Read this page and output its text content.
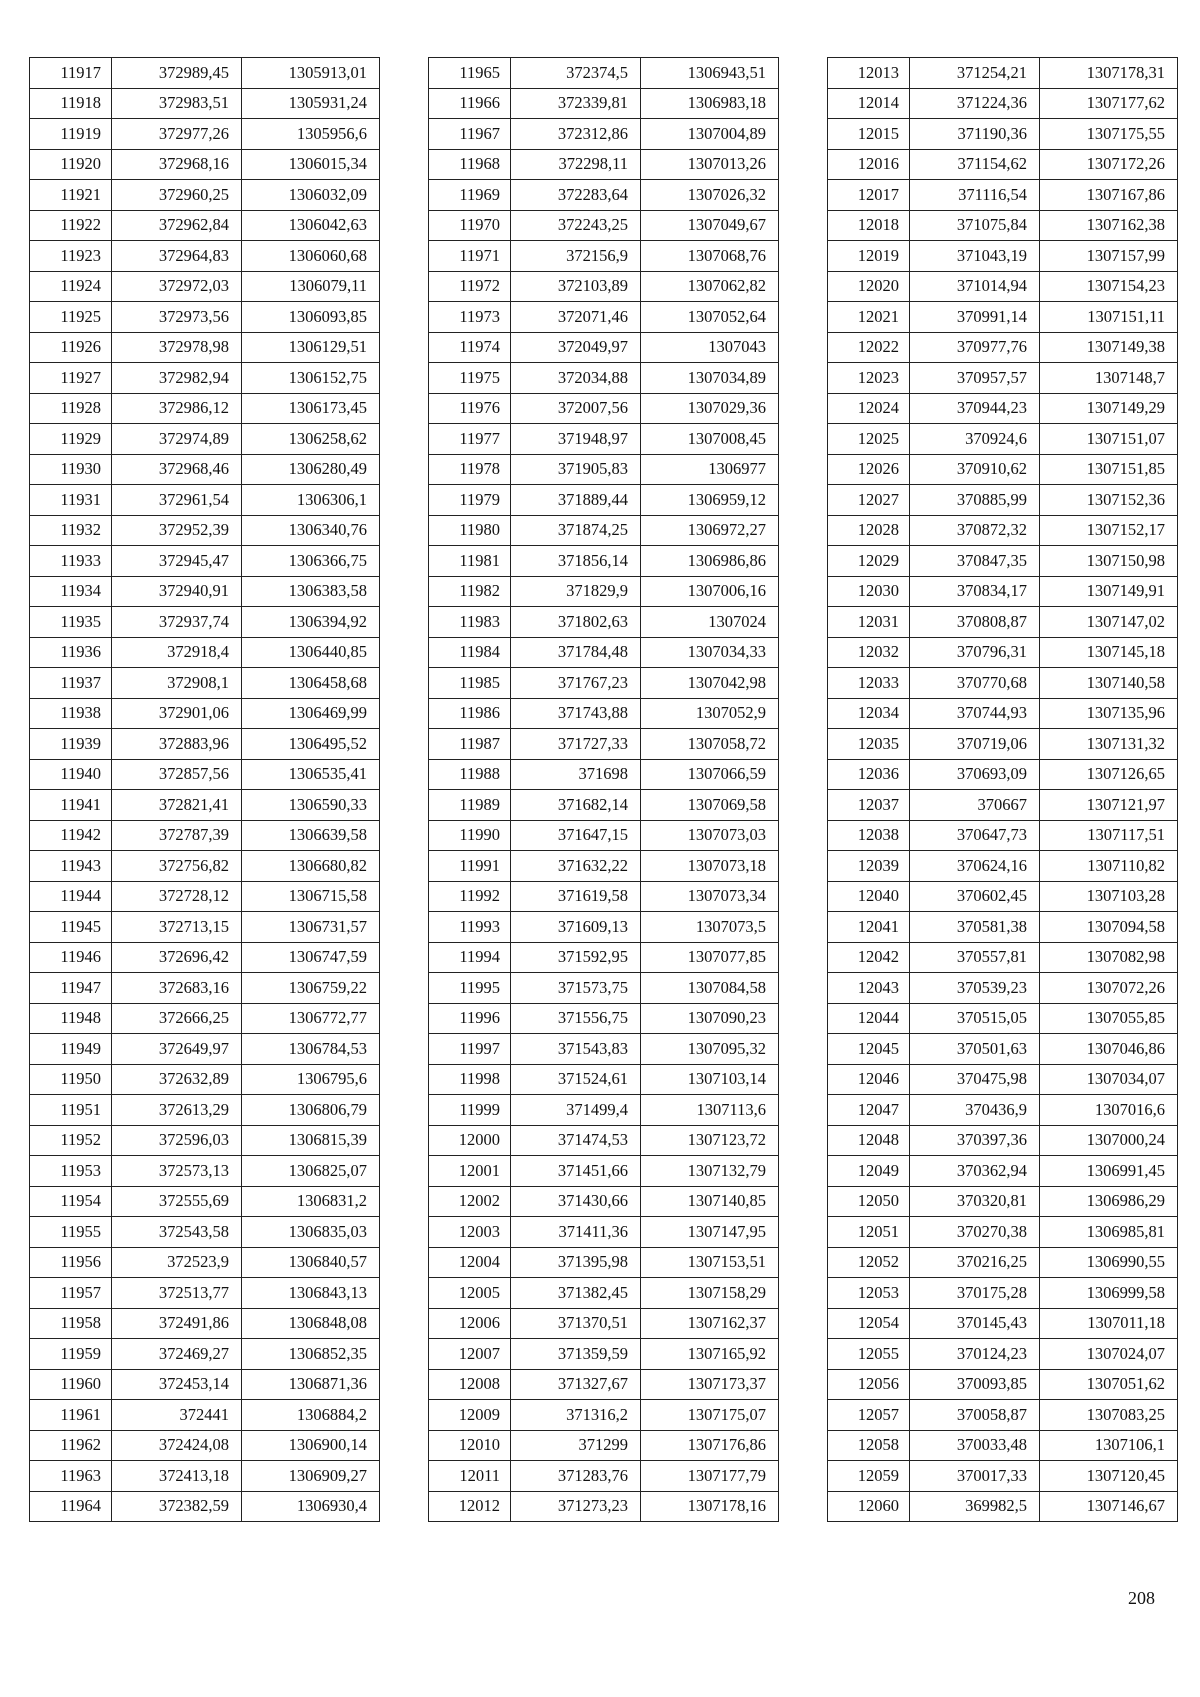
11917	372989,45	1305913,01
11918	372983,51	1305931,24
11919	372977,26	1305956,6
11920	372968,16	1306015,34
11921	372960,25	1306032,09
11922	372962,84	1306042,63
11923	372964,83	1306060,68
11924	372972,03	1306079,11
11925	372973,56	1306093,85
11926	372978,98	1306129,51
11927	372982,94	1306152,75
11928	372986,12	1306173,45
11929	372974,89	1306258,62
11930	372968,46	1306280,49
11931	372961,54	1306306,1
11932	372952,39	1306340,76
11933	372945,47	1306366,75
11934	372940,91	1306383,58
11935	372937,74	1306394,92
11936	372918,4	1306440,85
11937	372908,1	1306458,68
11938	372901,06	1306469,99
11939	372883,96	1306495,52
11940	372857,56	1306535,41
11941	372821,41	1306590,33
11942	372787,39	1306639,58
11943	372756,82	1306680,82
11944	372728,12	1306715,58
11945	372713,15	1306731,57
11946	372696,42	1306747,59
11947	372683,16	1306759,22
11948	372666,25	1306772,77
11949	372649,97	1306784,53
11950	372632,89	1306795,6
11951	372613,29	1306806,79
11952	372596,03	1306815,39
11953	372573,13	1306825,07
11954	372555,69	1306831,2
11955	372543,58	1306835,03
11956	372523,9	1306840,57
11957	372513,77	1306843,13
11958	372491,86	1306848,08
11959	372469,27	1306852,35
11960	372453,14	1306871,36
11961	372441	1306884,2
11962	372424,08	1306900,14
11963	372413,18	1306909,27
11964	372382,59	1306930,4
11965	372374,5	1306943,51
11966	372339,81	1306983,18
11967	372312,86	1307004,89
11968	372298,11	1307013,26
11969	372283,64	1307026,32
11970	372243,25	1307049,67
11971	372156,9	1307068,76
11972	372103,89	1307062,82
11973	372071,46	1307052,64
11974	372049,97	1307043
11975	372034,88	1307034,89
11976	372007,56	1307029,36
11977	371948,97	1307008,45
11978	371905,83	1306977
11979	371889,44	1306959,12
11980	371874,25	1306972,27
11981	371856,14	1306986,86
11982	371829,9	1307006,16
11983	371802,63	1307024
11984	371784,48	1307034,33
11985	371767,23	1307042,98
11986	371743,88	1307052,9
11987	371727,33	1307058,72
11988	371698	1307066,59
11989	371682,14	1307069,58
11990	371647,15	1307073,03
11991	371632,22	1307073,18
11992	371619,58	1307073,34
11993	371609,13	1307073,5
11994	371592,95	1307077,85
11995	371573,75	1307084,58
11996	371556,75	1307090,23
11997	371543,83	1307095,32
11998	371524,61	1307103,14
11999	371499,4	1307113,6
12000	371474,53	1307123,72
12001	371451,66	1307132,79
12002	371430,66	1307140,85
12003	371411,36	1307147,95
12004	371395,98	1307153,51
12005	371382,45	1307158,29
12006	371370,51	1307162,37
12007	371359,59	1307165,92
12008	371327,67	1307173,37
12009	371316,2	1307175,07
12010	371299	1307176,86
12011	371283,76	1307177,79
12012	371273,23	1307178,16
12013	371254,21	1307178,31
12014	371224,36	1307177,62
12015	371190,36	1307175,55
12016	371154,62	1307172,26
12017	371116,54	1307167,86
12018	371075,84	1307162,38
12019	371043,19	1307157,99
12020	371014,94	1307154,23
12021	370991,14	1307151,11
12022	370977,76	1307149,38
12023	370957,57	1307148,7
12024	370944,23	1307149,29
12025	370924,6	1307151,07
12026	370910,62	1307151,85
12027	370885,99	1307152,36
12028	370872,32	1307152,17
12029	370847,35	1307150,98
12030	370834,17	1307149,91
12031	370808,87	1307147,02
12032	370796,31	1307145,18
12033	370770,68	1307140,58
12034	370744,93	1307135,96
12035	370719,06	1307131,32
12036	370693,09	1307126,65
12037	370667	1307121,97
12038	370647,73	1307117,51
12039	370624,16	1307110,82
12040	370602,45	1307103,28
12041	370581,38	1307094,58
12042	370557,81	1307082,98
12043	370539,23	1307072,26
12044	370515,05	1307055,85
12045	370501,63	1307046,86
12046	370475,98	1307034,07
12047	370436,9	1307016,6
12048	370397,36	1307000,24
12049	370362,94	1306991,45
12050	370320,81	1306986,29
12051	370270,38	1306985,81
12052	370216,25	1306990,55
12053	370175,28	1306999,58
12054	370145,43	1307011,18
12055	370124,23	1307024,07
12056	370093,85	1307051,62
12057	370058,87	1307083,25
12058	370033,48	1307106,1
12059	370017,33	1307120,45
12060	369982,5	1307146,67
208
